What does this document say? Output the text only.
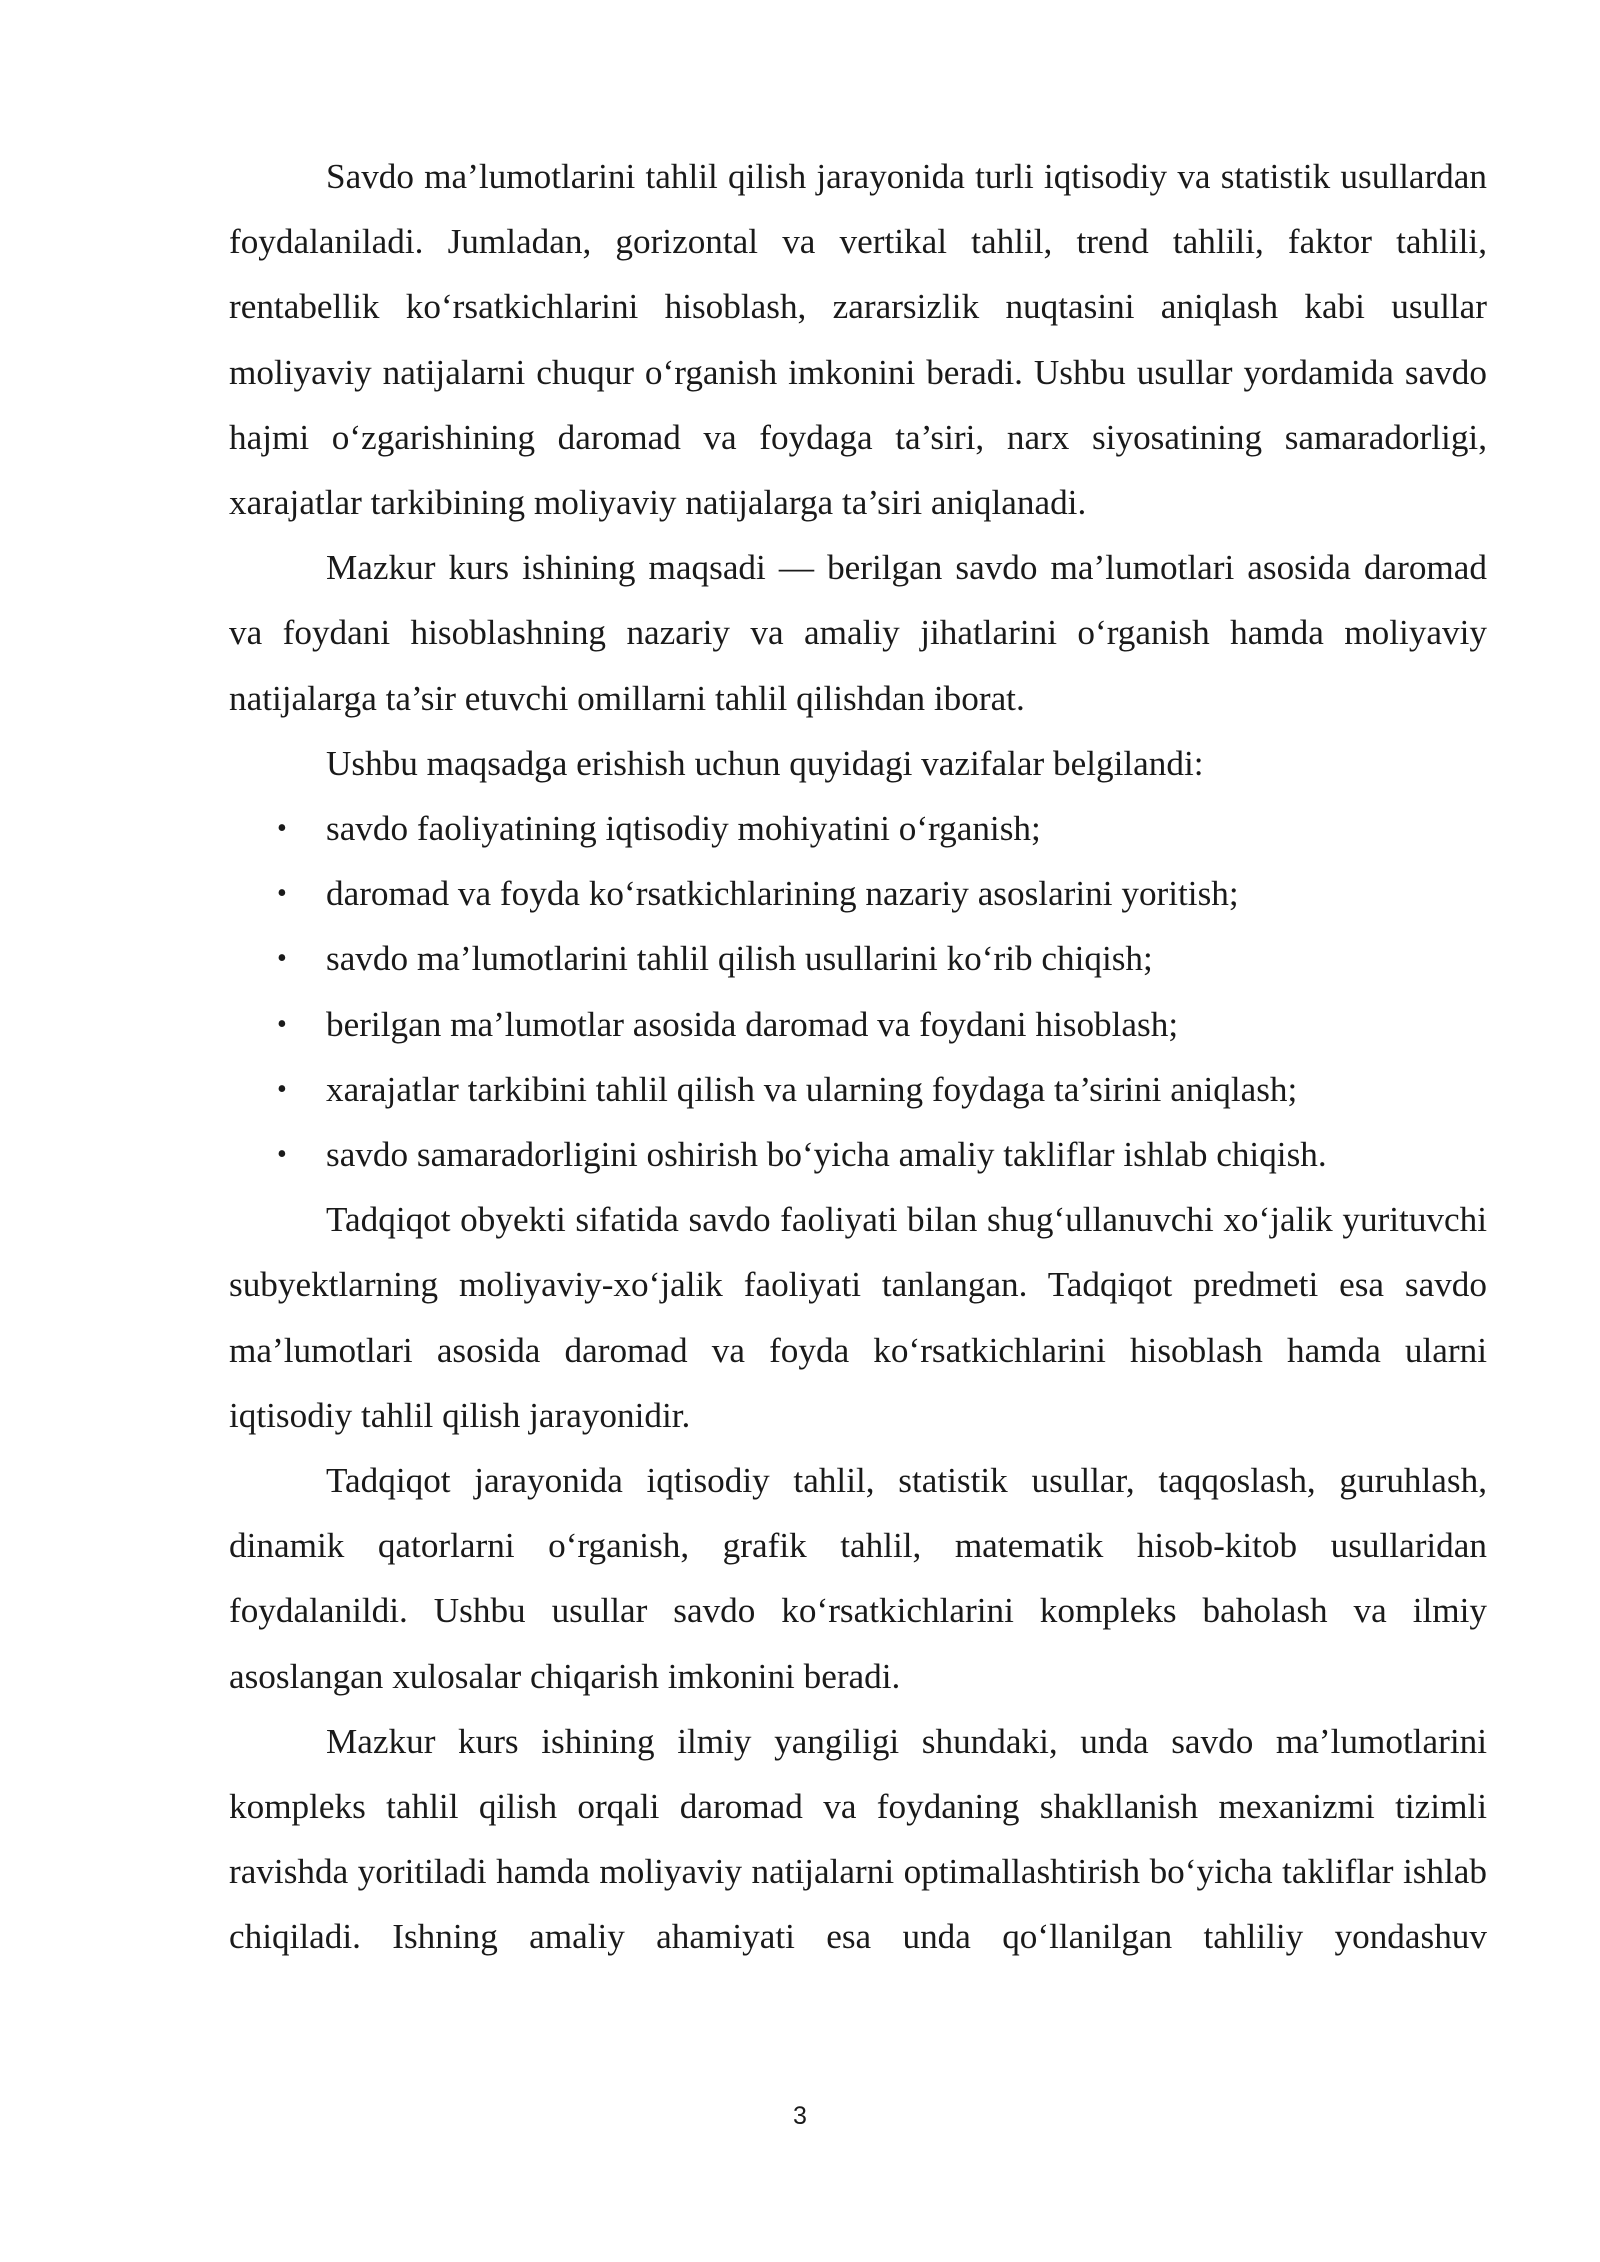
Savdo ma’lumotlarini tahlil qilish jarayonida turli iqtisodiy va statistik usullardan foydalaniladi. Jumladan, gorizontal va vertikal tahlil, trend tahlili, faktor tahlili, rentabellik ko‘rsatkichlarini hisoblash, zararsizlik nuqtasini aniqlash kabi usullar moliyaviy natijalarni chuqur o‘rganish imkonini beradi. Ushbu usullar yordamida savdo hajmi o‘zgarishining daromad va foydaga ta’siri, narx siyosatining samaradorligi, xarajatlar tarkibining moliyaviy natijalarga ta’siri aniqlanadi.

Mazkur kurs ishining maqsadi — berilgan savdo ma’lumotlari asosida daromad va foydani hisoblashning nazariy va amaliy jihatlarini o‘rganish hamda moliyaviy natijalarga ta’sir etuvchi omillarni tahlil qilishdan iborat.

Ushbu maqsadga erishish uchun quyidagi vazifalar belgilandi:

• savdo faoliyatining iqtisodiy mohiyatini o‘rganish;
• daromad va foyda ko‘rsatkichlarining nazariy asoslarini yoritish;
• savdo ma’lumotlarini tahlil qilish usullarini ko‘rib chiqish;
• berilgan ma’lumotlar asosida daromad va foydani hisoblash;
• xarajatlar tarkibini tahlil qilish va ularning foydaga ta’sirini aniqlash;
• savdo samaradorligini oshirish bo‘yicha amaliy takliflar ishlab chiqish.

Tadqiqot obyekti sifatida savdo faoliyati bilan shug‘ullanuvchi xo‘jalik yurituvchi subyektlarning moliyaviy-xo‘jalik faoliyati tanlangan. Tadqiqot predmeti esa savdo ma’lumotlari asosida daromad va foyda ko‘rsatkichlarini hisoblash hamda ularni iqtisodiy tahlil qilish jarayonidir.

Tadqiqot jarayonida iqtisodiy tahlil, statistik usullar, taqqoslash, guruhlash, dinamik qatorlarni o‘rganish, grafik tahlil, matematik hisob-kitob usullaridan foydalanildi. Ushbu usullar savdo ko‘rsatkichlarini kompleks baholash va ilmiy asoslangan xulosalar chiqarish imkonini beradi.

Mazkur kurs ishining ilmiy yangiligi shundaki, unda savdo ma’lumotlarini kompleks tahlil qilish orqali daromad va foydaning shakllanish mexanizmi tizimli ravishda yoritiladi hamda moliyaviy natijalarni optimallashtirish bo‘yicha takliflar ishlab chiqiladi. Ishning amaliy ahamiyati esa unda qo‘llanilgan tahliliy yondashuv

3
